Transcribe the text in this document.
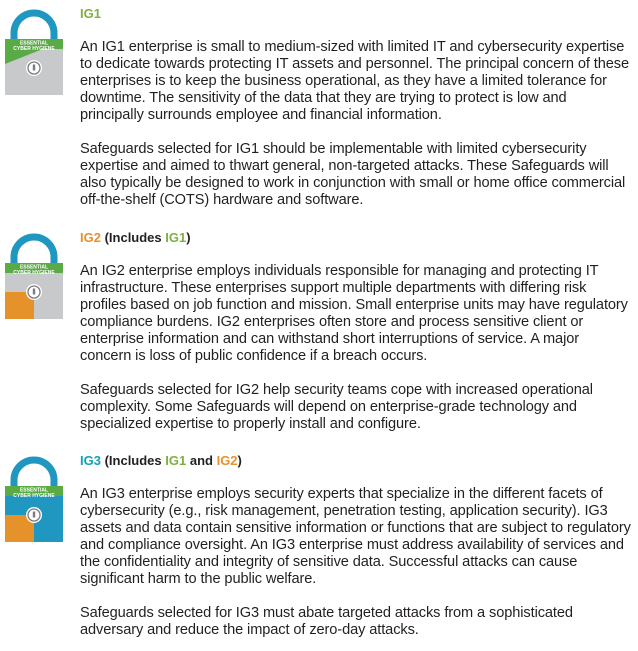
ESSENTIAL
CYBER HYGIENE
IG1

An IG1 enterprise is small to medium-sized with limited IT and cybersecurity expertise to dedicate towards protecting IT assets and personnel. The principal concern of these enterprises is to keep the business operational, as they have a limited tolerance for downtime. The sensitivity of the data that they are trying to protect is low and principally surrounds employee and financial information.

Safeguards selected for IG1 should be implementable with limited cybersecurity expertise and aimed to thwart general, non-targeted attacks. These Safeguards will also typically be designed to work in conjunction with small or home office commercial off-the-shelf (COTS) hardware and software.

ESSENTIAL
CYBER HYGIENE
IG2 (Includes IG1)

An IG2 enterprise employs individuals responsible for managing and protecting IT infrastructure. These enterprises support multiple departments with differing risk profiles based on job function and mission. Small enterprise units may have regulatory compliance burdens. IG2 enterprises often store and process sensitive client or enterprise information and can withstand short interruptions of service. A major concern is loss of public confidence if a breach occurs.

Safeguards selected for IG2 help security teams cope with increased operational complexity. Some Safeguards will depend on enterprise-grade technology and specialized expertise to properly install and configure.

ESSENTIAL
CYBER HYGIENE
IG3 (Includes IG1 and IG2)

An IG3 enterprise employs security experts that specialize in the different facets of cybersecurity (e.g., risk management, penetration testing, application security). IG3 assets and data contain sensitive information or functions that are subject to regulatory and compliance oversight. An IG3 enterprise must address availability of services and the confidentiality and integrity of sensitive data. Successful attacks can cause significant harm to the public welfare.

Safeguards selected for IG3 must abate targeted attacks from a sophisticated adversary and reduce the impact of zero-day attacks.
